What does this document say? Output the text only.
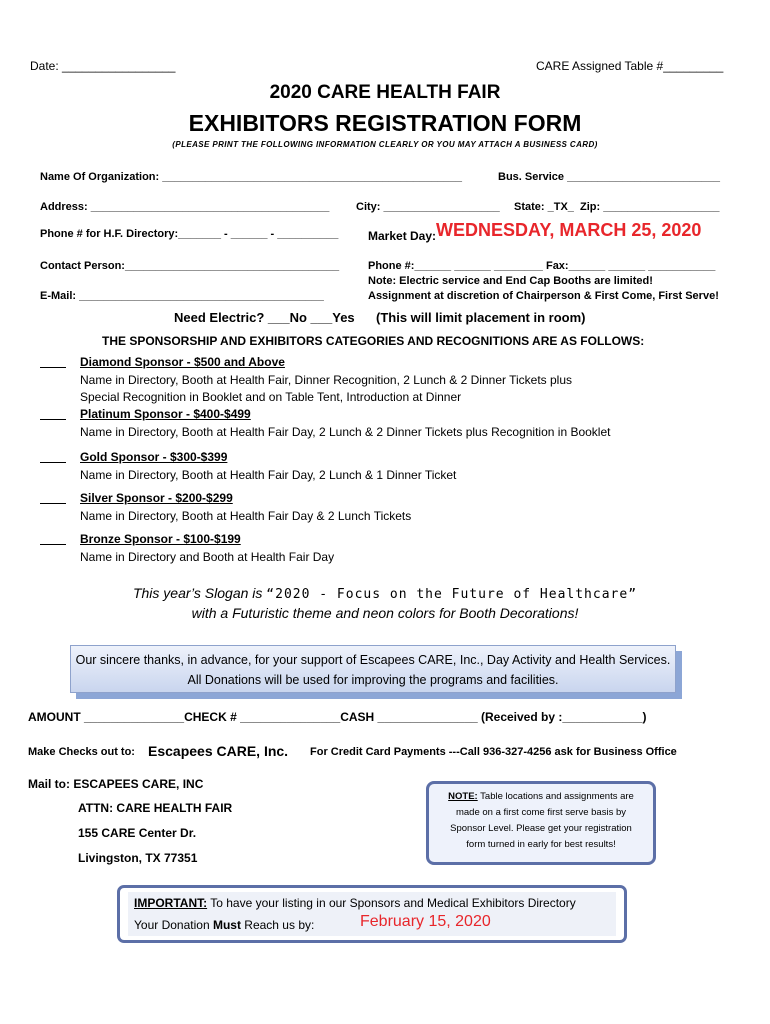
Date: _________________	CARE Assigned Table #_________
2020 CARE HEALTH FAIR
EXHIBITORS REGISTRATION FORM
(PLEASE PRINT THE FOLLOWING INFORMATION CLEARLY OR YOU MAY ATTACH A BUSINESS CARD)
Name Of Organization: _________________________________________________	Bus. Service _________________________
Address: _______________________________________ City: ___________________ State: _TX_ Zip: ___________________
Phone # for H.F. Directory:_______ - ______ - __________ Market Day: WEDNESDAY, MARCH 25, 2020
Contact Person:___________________________________	Phone #:______ ______ ________ Fax:______ ______ ___________
Note: Electric service and End Cap Booths are limited!
E-Mail: ________________________________________	Assignment at discretion of Chairperson & First Come, First Serve!
Need Electric? ___No ___Yes (This will limit placement in room)
THE SPONSORSHIP AND EXHIBITORS CATEGORIES AND RECOGNITIONS ARE AS FOLLOWS:
Diamond Sponsor - $500 and Above
Name in Directory, Booth at Health Fair, Dinner Recognition, 2 Lunch & 2 Dinner Tickets plus
Special Recognition in Booklet and on Table Tent, Introduction at Dinner
Platinum Sponsor - $400-$499
Name in Directory, Booth at Health Fair Day, 2 Lunch & 2 Dinner Tickets plus Recognition in Booklet
Gold Sponsor - $300-$399
Name in Directory, Booth at Health Fair Day, 2 Lunch & 1 Dinner Ticket
Silver Sponsor - $200-$299
Name in Directory, Booth at Health Fair Day & 2 Lunch Tickets
Bronze Sponsor - $100-$199
Name in Directory and Booth at Health Fair Day
This year’s Slogan is “2020 - Focus on the Future of Healthcare”
with a Futuristic theme and neon colors for Booth Decorations!
Our sincere thanks, in advance, for your support of Escapees CARE, Inc., Day Activity and Health Services.
All Donations will be used for improving the programs and facilities.
AMOUNT _______________CHECK # _______________CASH _______________ (Received by :____________)
Make Checks out to: Escapees CARE, Inc. For Credit Card Payments ---Call 936-327-4256 ask for Business Office
Mail to: ESCAPEES CARE, INC
ATTN: CARE HEALTH FAIR
155 CARE Center Dr.
Livingston, TX 77351
NOTE: Table locations and assignments are
made on a first come first serve basis by
Sponsor Level. Please get your registration
form turned in early for best results!
IMPORTANT: To have your listing in our Sponsors and Medical Exhibitors Directory
Your Donation Must Reach us by:	February 15, 2020
